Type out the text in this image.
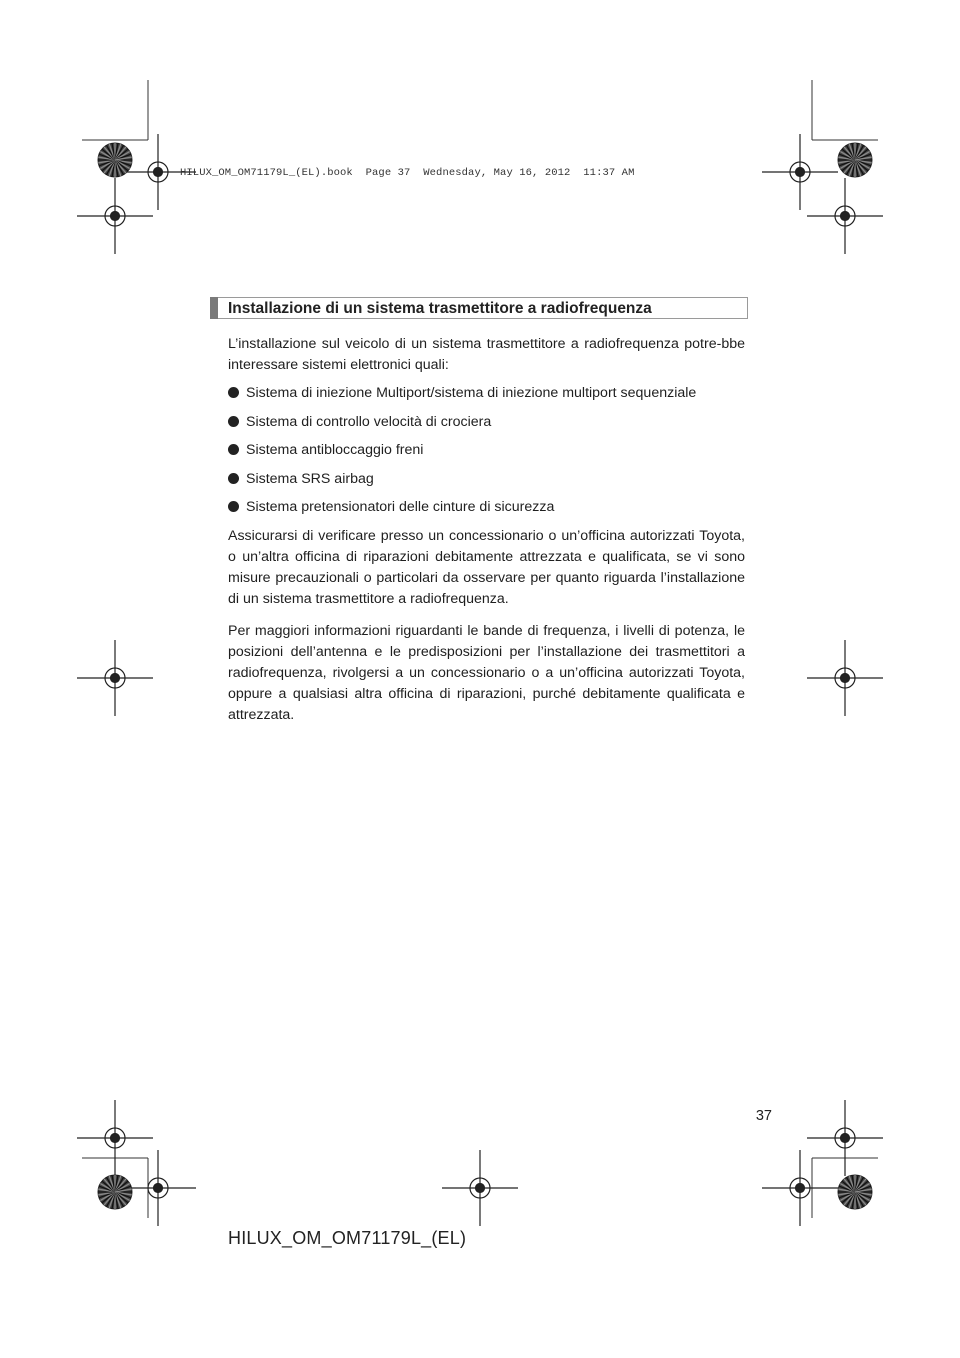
HILUX_OM_OM71179L_(EL).book  Page 37  Wednesday, May 16, 2012  11:37 AM
Installazione di un sistema trasmettitore a radiofrequenza

L’installazione sul veicolo di un sistema trasmettitore a radiofrequenza potre-bbe interessare sistemi elettronici quali:

Sistema di iniezione Multiport/sistema di iniezione multiport sequenziale
Sistema di controllo velocità di crociera
Sistema antibloccaggio freni
Sistema SRS airbag
Sistema pretensionatori delle cinture di sicurezza

Assicurarsi di verificare presso un concessionario o un’officina autorizzati Toyota, o un’altra officina di riparazioni debitamente attrezzata e qualificata, se vi sono misure precauzionali o particolari da osservare per quanto riguarda l’installazione di un sistema trasmettitore a radiofrequenza.

Per maggiori informazioni riguardanti le bande di frequenza, i livelli di potenza, le posizioni dell’antenna e le predisposizioni per l’installazione dei trasmettitori a radiofrequenza, rivolgersi a un concessionario o a un’officina autorizzati Toyota, oppure a qualsiasi altra officina di riparazioni, purché debitamente qualificata e attrezzata.

37
HILUX_OM_OM71179L_(EL)
